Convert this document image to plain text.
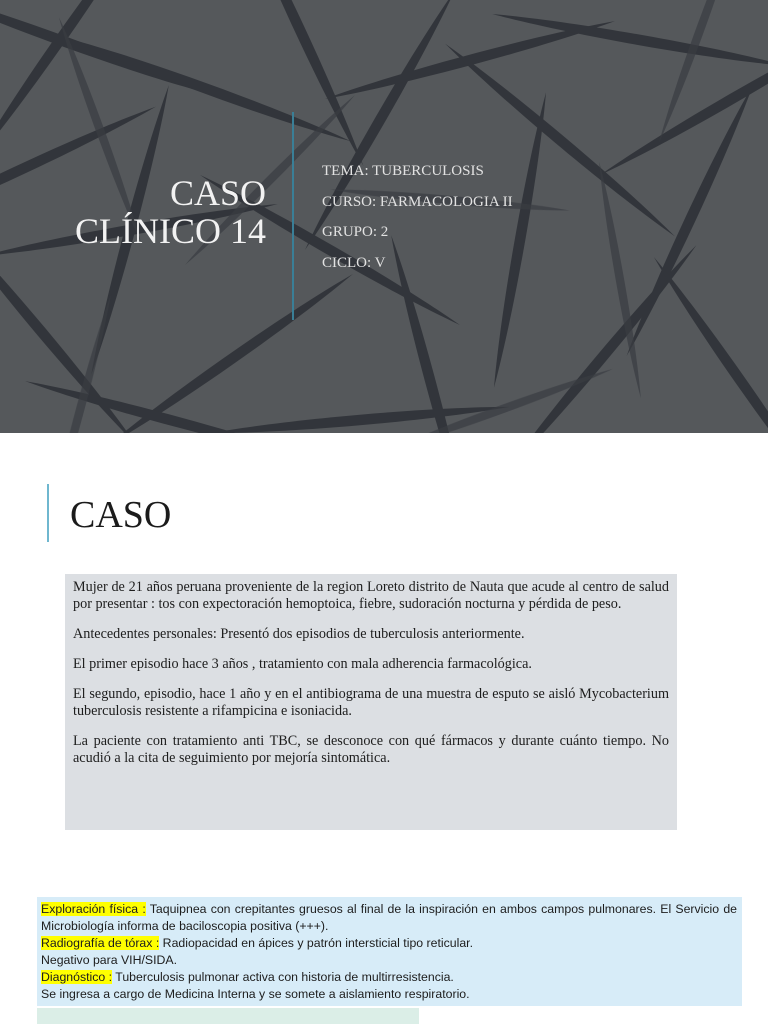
CASO
CLÍNICO 14
TEMA: TUBERCULOSIS
CURSO: FARMACOLOGIA II
GRUPO: 2
CICLO: V
CASO

Mujer de 21 años peruana proveniente de la region Loreto distrito de Nauta que acude al centro de salud por presentar : tos con expectoración hemoptoica, fiebre, sudoración nocturna y pérdida de peso.

Antecedentes personales: Presentó dos episodios de tuberculosis anteriormente.

El primer episodio hace 3 años , tratamiento con mala adherencia farmacológica.

El segundo, episodio, hace 1 año y en el antibiograma de una muestra de esputo se aisló Mycobacterium tuberculosis resistente a rifampicina e isoniacida.

La paciente con tratamiento anti TBC, se desconoce con qué fármacos y durante cuánto tiempo. No acudió a la cita de seguimiento por mejoría sintomática.

Exploración física : Taquipnea con crepitantes gruesos al final de la inspiración en ambos campos pulmonares. El Servicio de Microbiología informa de baciloscopia positiva (+++).

Radiografía de tórax : Radiopacidad en ápices y patrón intersticial tipo reticular.

Negativo para VIH/SIDA.

Diagnóstico : Tuberculosis pulmonar activa con historia de multirresistencia.

Se ingresa a cargo de Medicina Interna y se somete a aislamiento respiratorio.
